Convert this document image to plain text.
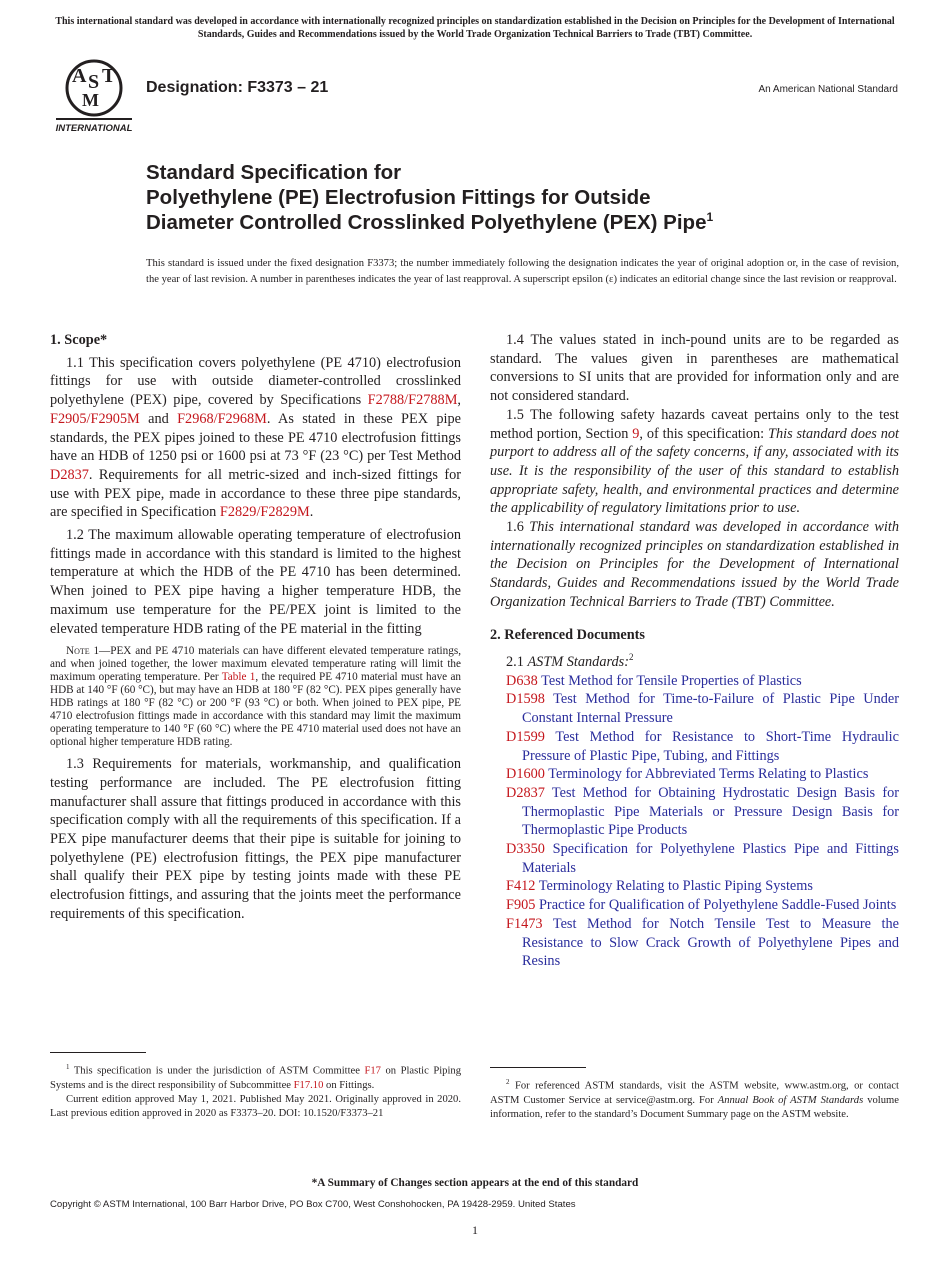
This international standard was developed in accordance with internationally recognized principles on standardization established in the Decision on Principles for the Development of International Standards, Guides and Recommendations issued by the World Trade Organization Technical Barriers to Trade (TBT) Committee.
A S T
M
INTERNATIONAL
Designation: F3373 – 21	An American National Standard
Standard Specification for
Polyethylene (PE) Electrofusion Fittings for Outside
Diameter Controlled Crosslinked Polyethylene (PEX) Pipe$^1$
This standard is issued under the fixed designation F3373; the number immediately following the designation indicates the year of original adoption or, in the case of revision, the year of last revision. A number in parentheses indicates the year of last reapproval. A superscript epsilon (ε) indicates an editorial change since the last revision or reapproval.
1. Scope*

1.1 This specification covers polyethylene (PE 4710) electrofusion fittings for use with outside diameter-controlled crosslinked polyethylene (PEX) pipe, covered by Specifications F2788/F2788M, F2905/F2905M and F2968/F2968M. As stated in these PEX pipe standards, the PEX pipes joined to these PE 4710 electrofusion fittings have an HDB of 1250 psi or 1600 psi at 73 °F (23 °C) per Test Method D2837. Requirements for all metric-sized and inch-sized fittings for use with PEX pipe, made in accordance to these three pipe standards, are specified in Specification F2829/F2829M.

1.2 The maximum allowable operating temperature of electrofusion fittings made in accordance with this standard is limited to the highest temperature at which the HDB of the PE 4710 has been determined. When joined to PEX pipe having a higher temperature HDB, the maximum use temperature for the PE/PEX joint is limited to the elevated temperature HDB rating of the PE material in the fitting

Note 1—PEX and PE 4710 materials can have different elevated temperature ratings, and when joined together, the lower maximum elevated temperature rating will limit the maximum operating temperature. Per Table 1, the required PE 4710 material must have an HDB at 140 °F (60 °C), but may have an HDB at 180 °F (82 °C). PEX pipes generally have HDB ratings at 180 °F (82 °C) or 200 °F (93 °C) or both. When joined to PEX pipe, PE 4710 electrofusion fittings made in accordance with this standard may limit the maximum operating temperature to 140 °F (60 °C) where the PE 4710 material used does not have an optional higher temperature HDB rating.

1.3 Requirements for materials, workmanship, and qualification testing performance are included. The PE electrofusion fitting manufacturer shall assure that fittings produced in accordance with this specification comply with all the requirements of this specification. If a PEX pipe manufacturer deems that their pipe is suitable for joining to polyethylene (PE) electrofusion fittings, the PEX pipe manufacturer shall qualify their PEX pipe by testing joints made with these PE electrofusion fittings, and assuring that the joints meet the performance requirements of this specification.

1.4 The values stated in inch-pound units are to be regarded as standard. The values given in parentheses are mathematical conversions to SI units that are provided for information only and are not considered standard.

1.5 The following safety hazards caveat pertains only to the test method portion, Section 9, of this specification: This standard does not purport to address all of the safety concerns, if any, associated with its use. It is the responsibility of the user of this standard to establish appropriate safety, health, and environmental practices and determine the applicability of regulatory limitations prior to use.

1.6 This international standard was developed in accordance with internationally recognized principles on standardization established in the Decision on Principles for the Development of International Standards, Guides and Recommendations issued by the World Trade Organization Technical Barriers to Trade (TBT) Committee.

2. Referenced Documents

2.1 ASTM Standards:$^2$

D638 Test Method for Tensile Properties of Plastics

D1598 Test Method for Time-to-Failure of Plastic Pipe Under Constant Internal Pressure

D1599 Test Method for Resistance to Short-Time Hydraulic Pressure of Plastic Pipe, Tubing, and Fittings

D1600 Terminology for Abbreviated Terms Relating to Plastics

D2837 Test Method for Obtaining Hydrostatic Design Basis for Thermoplastic Pipe Materials or Pressure Design Basis for Thermoplastic Pipe Products

D3350 Specification for Polyethylene Plastics Pipe and Fittings Materials

F412 Terminology Relating to Plastic Piping Systems

F905 Practice for Qualification of Polyethylene Saddle-Fused Joints

F1473 Test Method for Notch Tensile Test to Measure the Resistance to Slow Crack Growth of Polyethylene Pipes and Resins

$^1$ This specification is under the jurisdiction of ASTM Committee F17 on Plastic Piping Systems and is the direct responsibility of Subcommittee F17.10 on Fittings.

Current edition approved May 1, 2021. Published May 2021. Originally approved in 2020. Last previous edition approved in 2020 as F3373–20. DOI: 10.1520/F3373–21

$^2$ For referenced ASTM standards, visit the ASTM website, www.astm.org, or contact ASTM Customer Service at service@astm.org. For Annual Book of ASTM Standards volume information, refer to the standard’s Document Summary page on the ASTM website.

*A Summary of Changes section appears at the end of this standard
Copyright © ASTM International, 100 Barr Harbor Drive, PO Box C700, West Conshohocken, PA 19428-2959. United States
1
